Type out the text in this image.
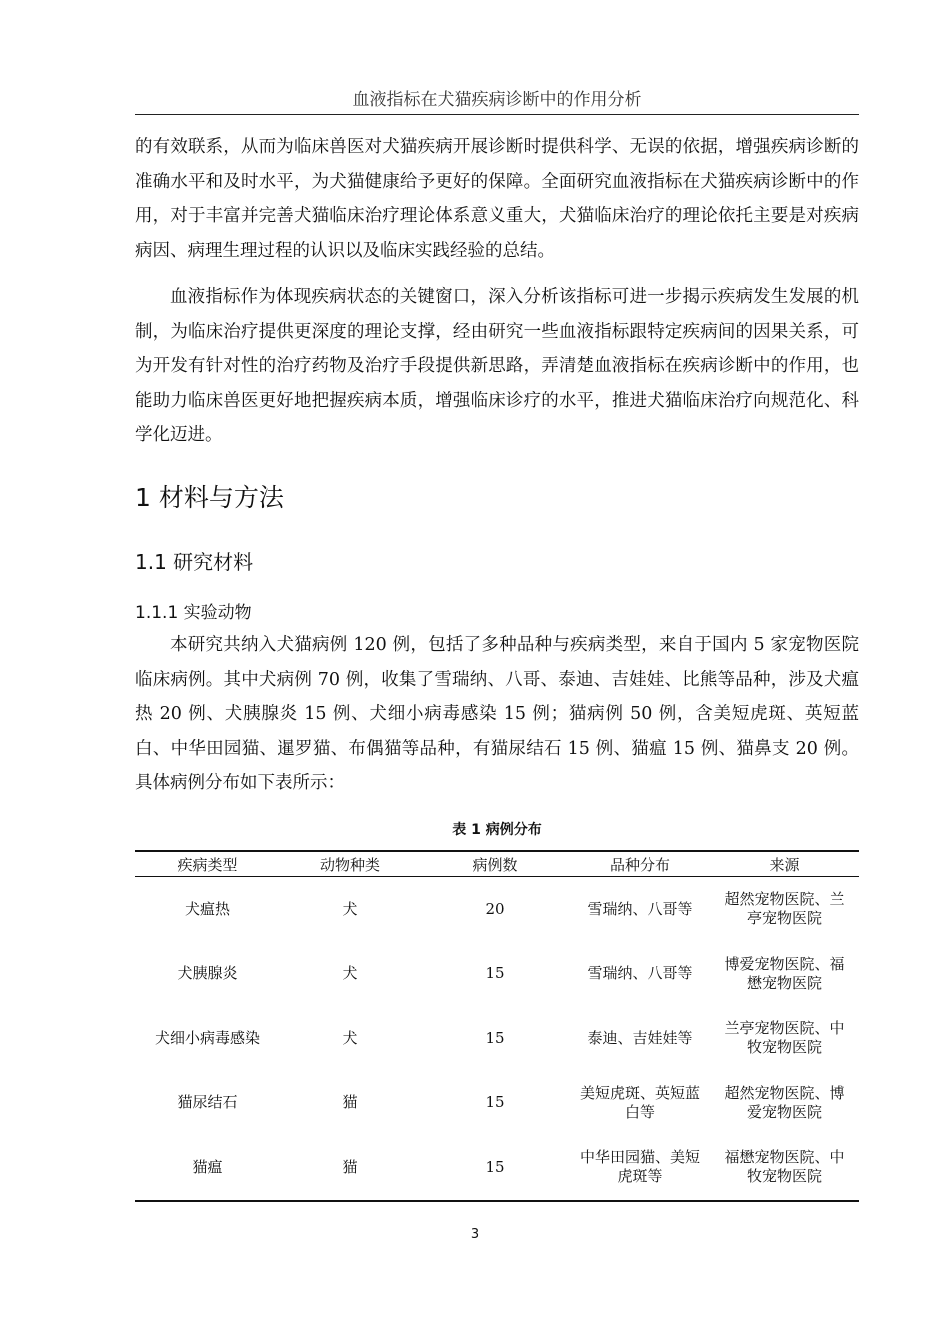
血液指标在犬猫疾病诊断中的作用分析

的有效联系，从而为临床兽医对犬猫疾病开展诊断时提供科学、无误的依据，增强疾病诊断的准确水平和及时水平，为犬猫健康给予更好的保障。全面研究血液指标在犬猫疾病诊断中的作用，对于丰富并完善犬猫临床治疗理论体系意义重大，犬猫临床治疗的理论依托主要是对疾病病因、病理生理过程的认识以及临床实践经验的总结。

血液指标作为体现疾病状态的关键窗口，深入分析该指标可进一步揭示疾病发生发展的机制，为临床治疗提供更深度的理论支撑，经由研究一些血液指标跟特定疾病间的因果关系，可为开发有针对性的治疗药物及治疗手段提供新思路，弄清楚血液指标在疾病诊断中的作用，也能助力临床兽医更好地把握疾病本质，增强临床诊疗的水平，推进犬猫临床治疗向规范化、科学化迈进。

1 材料与方法
1.1 研究材料
1.1.1 实验动物

本研究共纳入犬猫病例 120 例，包括了多种品种与疾病类型，来自于国内 5 家宠物医院临床病例。其中犬病例 70 例，收集了雪瑞纳、八哥、泰迪、吉娃娃、比熊等品种，涉及犬瘟热 20 例、犬胰腺炎 15 例、犬细小病毒感染 15 例；猫病例 50 例，含美短虎斑、英短蓝白、中华田园猫、暹罗猫、布偶猫等品种，有猫尿结石 15 例、猫瘟 15 例、猫鼻支 20 例。具体病例分布如下表所示：

表 1 病例分布
疾病类型	动物种类	病例数	品种分布	来源
犬瘟热	犬	20	雪瑞纳、八哥等	超然宠物医院、兰亭宠物医院
犬胰腺炎	犬	15	雪瑞纳、八哥等	博爱宠物医院、福懋宠物医院
犬细小病毒感染	犬	15	泰迪、吉娃娃等	兰亭宠物医院、中牧宠物医院
猫尿结石	猫	15	美短虎斑、英短蓝白等	超然宠物医院、博爱宠物医院
猫瘟	猫	15	中华田园猫、美短虎斑等	福懋宠物医院、中牧宠物医院
3
